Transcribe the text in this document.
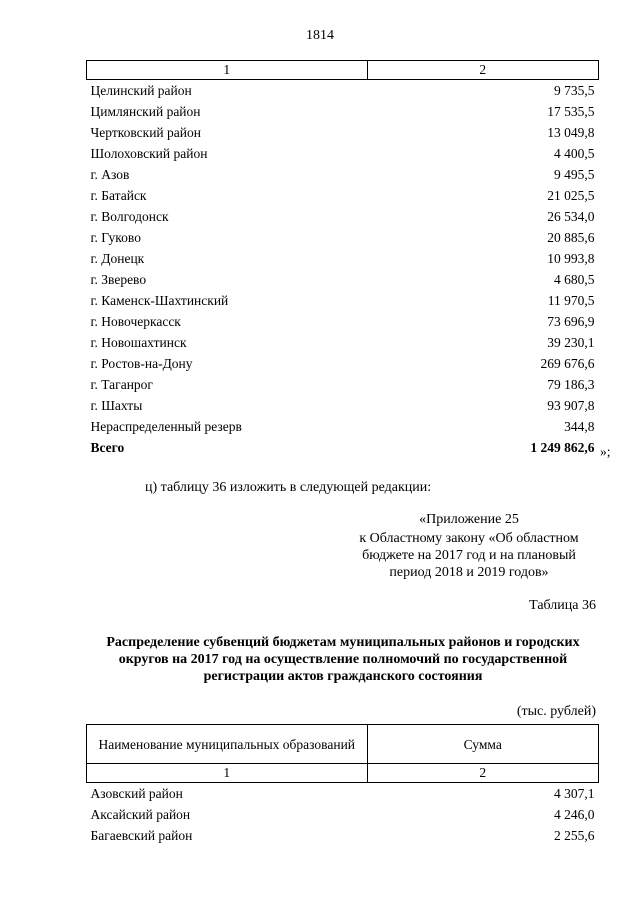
1814
1	2
Целинский район	9 735,5
Цимлянский район	17 535,5
Чертковский район	13 049,8
Шолоховский район	4 400,5
г. Азов	9 495,5
г. Батайск	21 025,5
г. Волгодонск	26 534,0
г. Гуково	20 885,6
г. Донецк	10 993,8
г. Зверево	4 680,5
г. Каменск-Шахтинский	11 970,5
г. Новочеркасск	73 696,9
г. Новошахтинск	39 230,1
г. Ростов-на-Дону	269 676,6
г. Таганрог	79 186,3
г. Шахты	93 907,8
Нераспределенный резерв	344,8
Всего	1 249 862,6 »;
ц) таблицу 36 изложить в следующей редакции:
«Приложение 25
к Областному закону «Об областном бюджете на 2017 год и на плановый период 2018 и 2019 годов»
Таблица 36
Распределение субвенций бюджетам муниципальных районов и городских округов на 2017 год на осуществление полномочий по государственной регистрации актов гражданского состояния
(тыс. рублей)
Наименование муниципальных образований	Сумма
1	2
Азовский район	4 307,1
Аксайский район	4 246,0
Багаевский район	2 255,6
